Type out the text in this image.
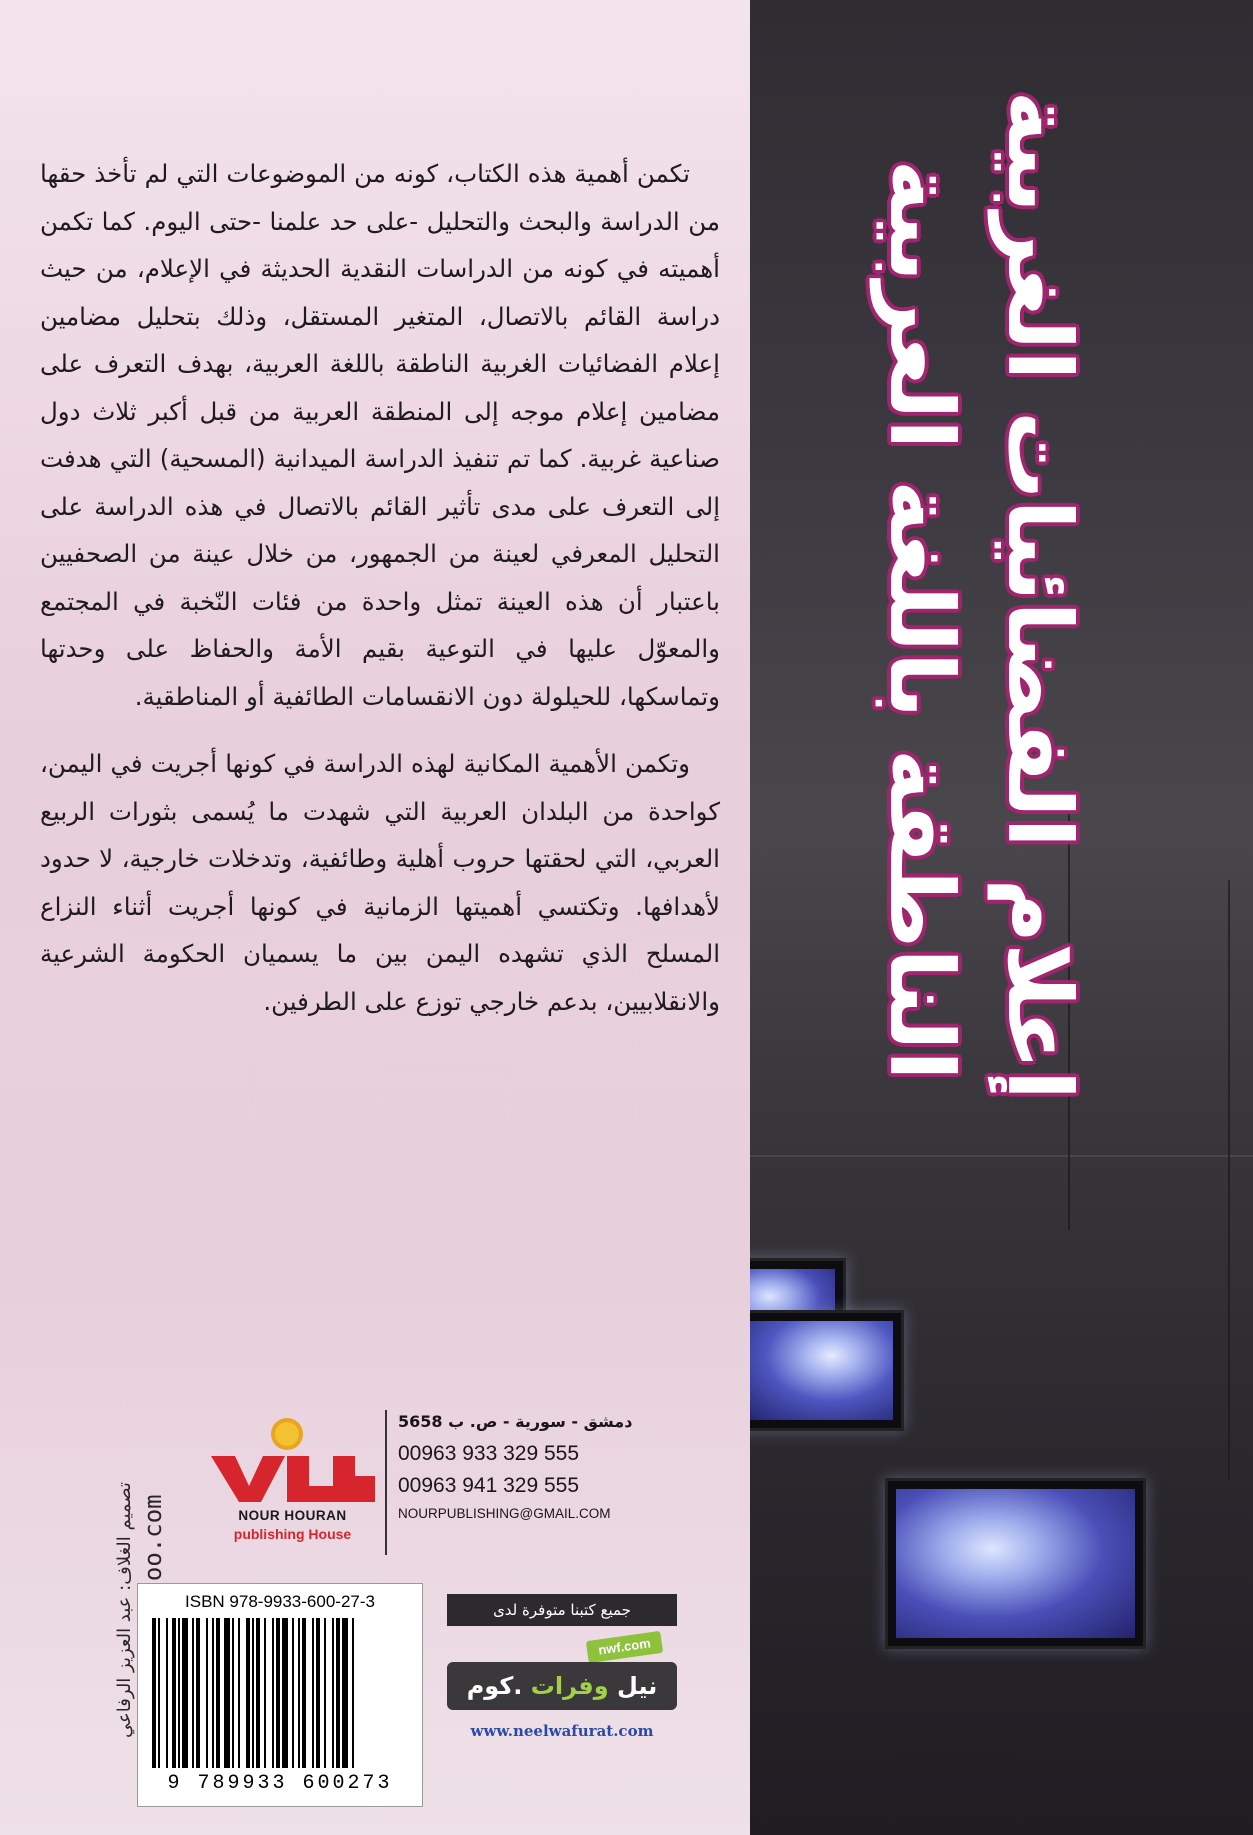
إعلام الفضائيات الغربية
الناطقة باللغة العربية

تكمن أهمية هذه الكتاب، كونه من الموضوعات التي لم تأخذ حقها من الدراسة والبحث والتحليل -على حد علمنا -حتى اليوم. كما تكمن أهميته في كونه من الدراسات النقدية الحديثة في الإعلام، من حيث دراسة القائم بالاتصال، المتغير المستقل، وذلك بتحليل مضامين إعلام الفضائيات الغربية الناطقة باللغة العربية، بهدف التعرف على مضامين إعلام موجه إلى المنطقة العربية من قبل أكبر ثلاث دول صناعية غربية. كما تم تنفيذ الدراسة الميدانية (المسحية) التي هدفت إلى التعرف على مدى تأثير القائم بالاتصال في هذه الدراسة على التحليل المعرفي لعينة من الجمهور، من خلال عينة من الصحفيين باعتبار أن هذه العينة تمثل واحدة من فئات النّخبة في المجتمع والمعوّل عليها في التوعية بقيم الأمة والحفاظ على وحدتها وتماسكها، للحيلولة دون الانقسامات الطائفية أو المناطقية.

وتكمن الأهمية المكانية لهذه الدراسة في كونها أجريت في اليمن، كواحدة من البلدان العربية التي شهدت ما يُسمى بثورات الربيع العربي، التي لحقتها حروب أهلية وطائفية، وتدخلات خارجية، لا حدود لأهدافها. وتكتسي أهميتها الزمانية في كونها أجريت أثناء النزاع المسلح الذي تشهده اليمن بين ما يسميان الحكومة الشرعية والانقلابيين، بدعم خارجي توزع على الطرفين.

تصميم الغلاف: عبد العزيز الرفاعي	NOUR HOURAN
publishing House
دمشق - سورية - ص. ب 5658
00963 933 329 555
00963 941 329 555
NOURPUBLISHING@GMAIL.COM
ISBN 978-9933-600-27-3
9 789933 600273
جميع كتبنا متوفرة لدى
nwf.com
نيل وفرات .كوم
www.neelwafurat.com
